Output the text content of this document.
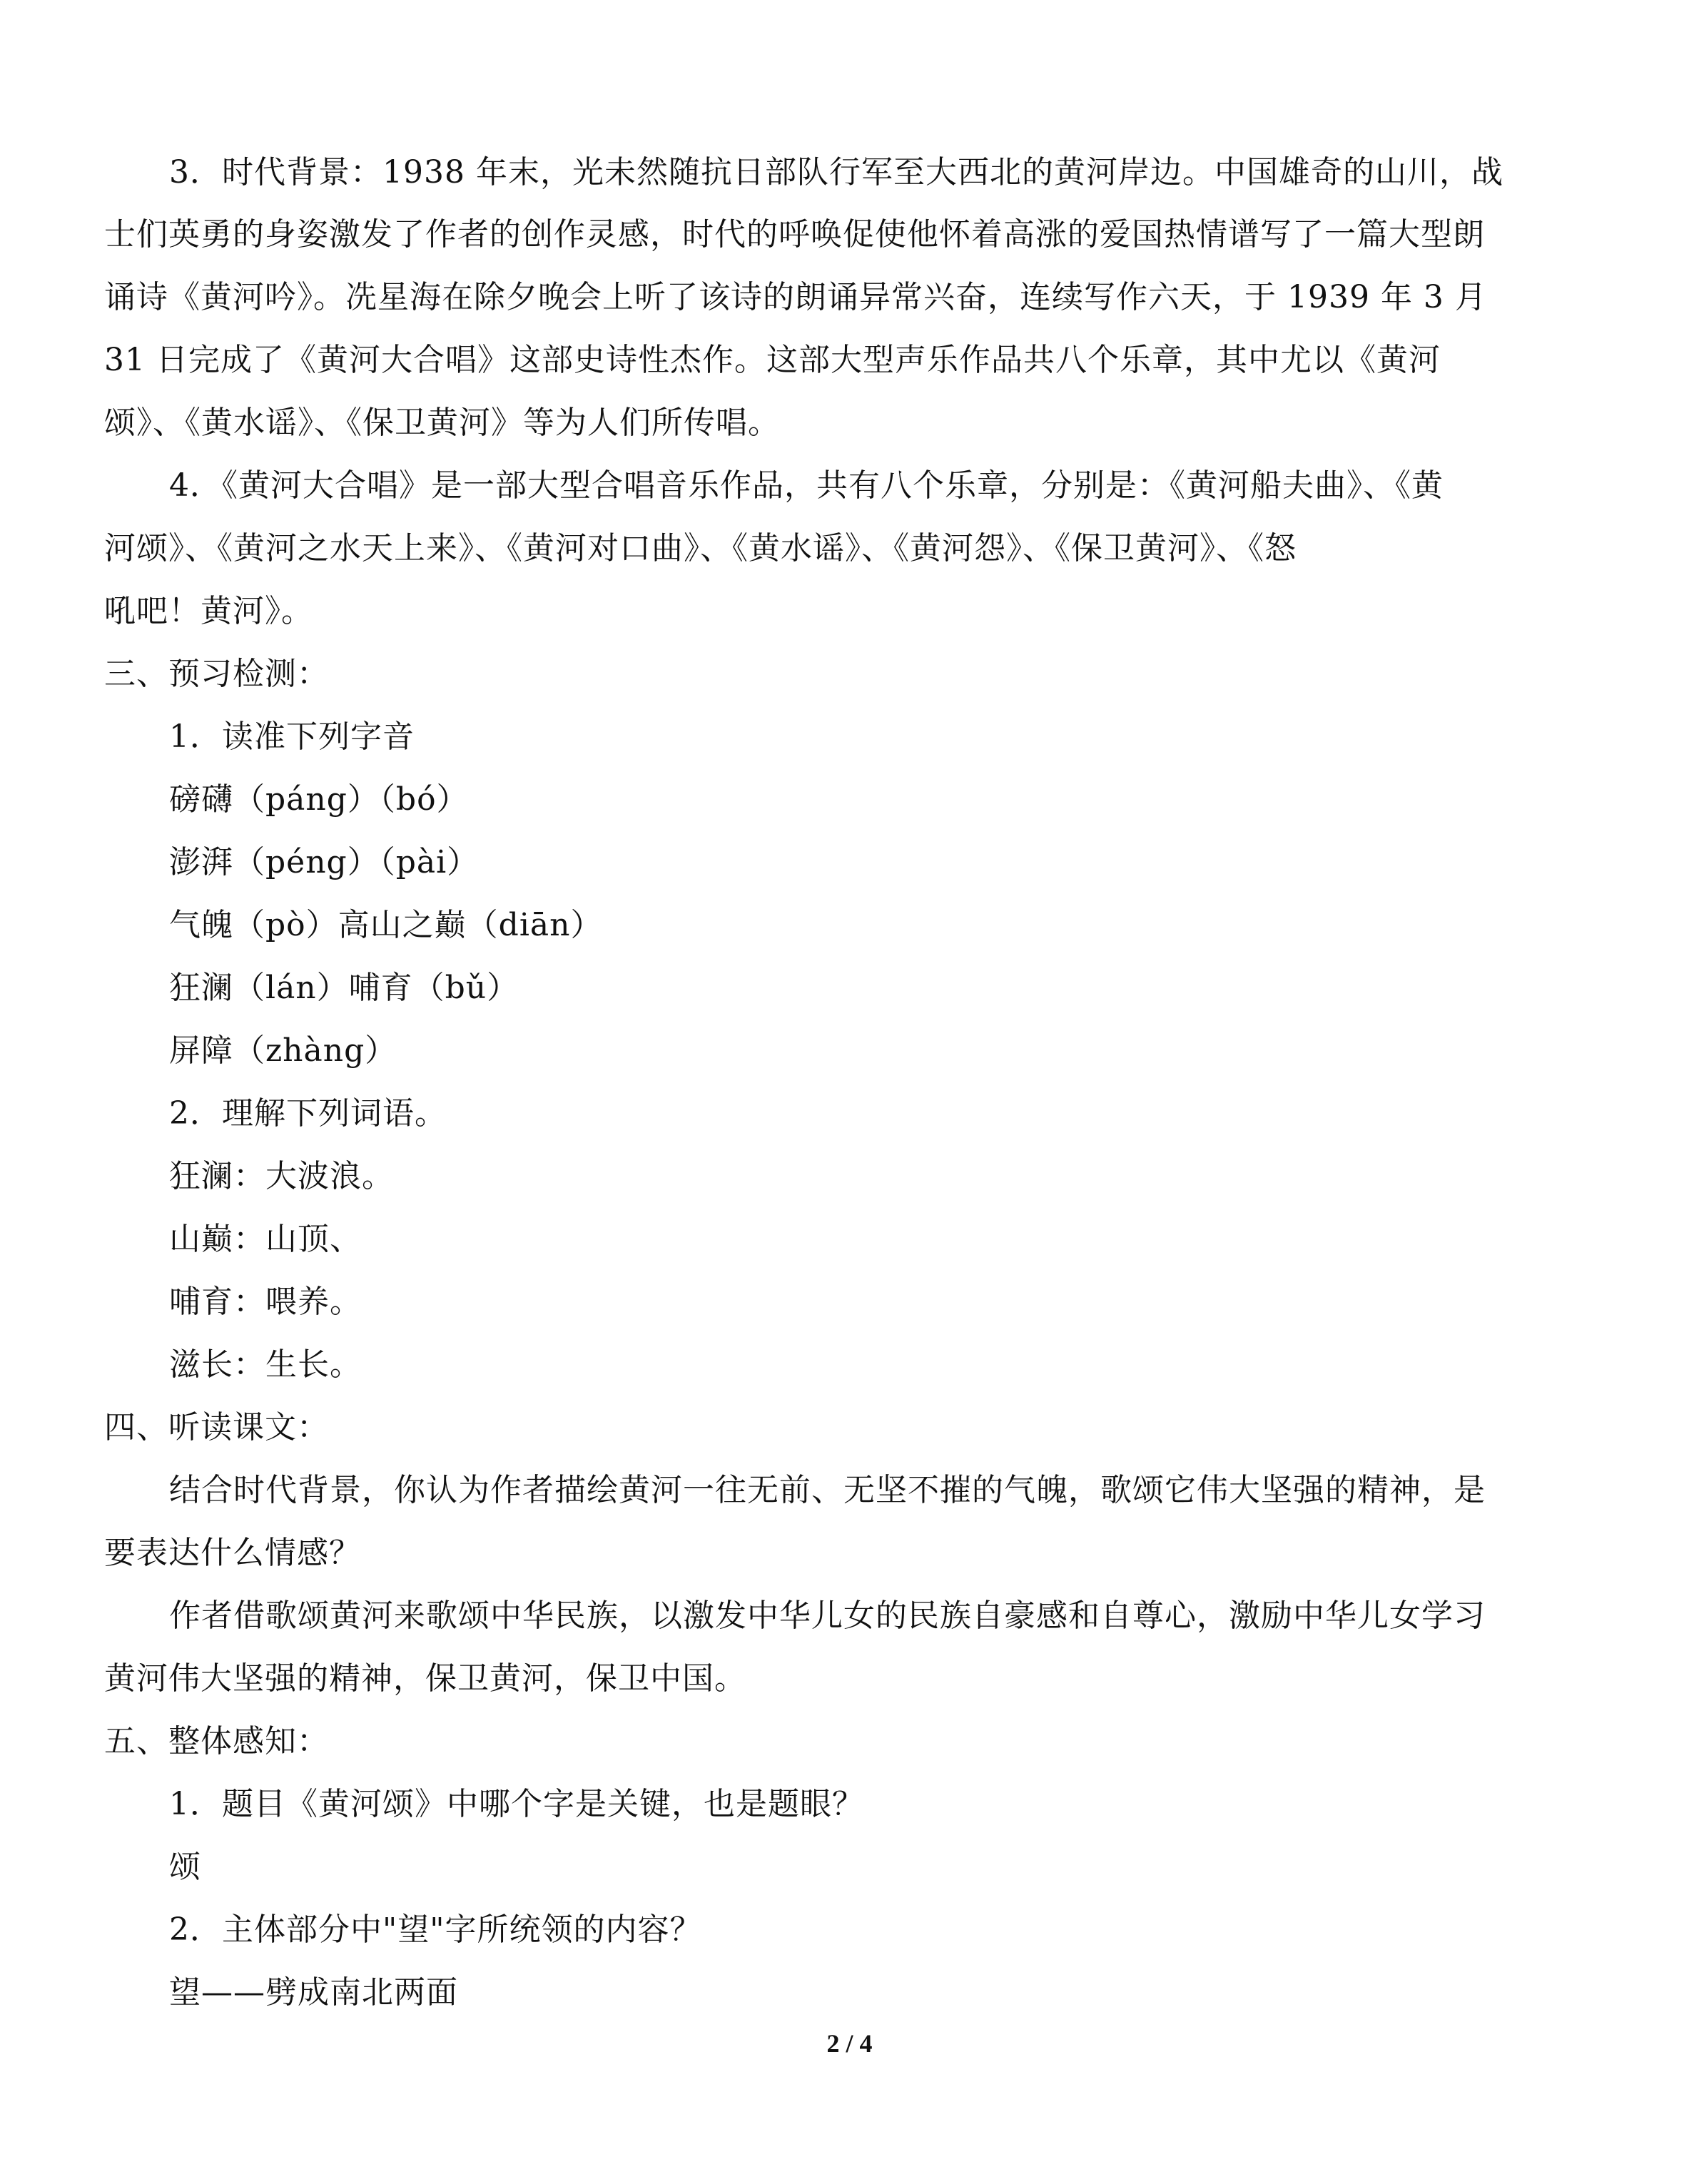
3．时代背景：1938 年末，光未然随抗日部队行军至大西北的黄河岸边。中国雄奇的山川，战
士们英勇的身姿激发了作者的创作灵感，时代的呼唤促使他怀着高涨的爱国热情谱写了一篇大型朗
诵诗《黄河吟》。冼星海在除夕晚会上听了该诗的朗诵异常兴奋，连续写作六天，于 1939 年 3 月
31 日完成了《黄河大合唱》这部史诗性杰作。这部大型声乐作品共八个乐章，其中尤以《黄河
颂》、《黄水谣》、《保卫黄河》等为人们所传唱。
4．《黄河大合唱》是一部大型合唱音乐作品，共有八个乐章，分别是：《黄河船夫曲》、《黄
河颂》、《黄河之水天上来》、《黄河对口曲》、《黄水谣》、《黄河怨》、《保卫黄河》、《怒
吼吧！黄河》。
三、预习检测：
1．读准下列字音
磅礴（páng）（bó）
澎湃（péng）（pài）
气魄（pò）高山之巅（diān）
狂澜（lán）哺育（bǔ）
屏障（zhàng）
2．理解下列词语。
狂澜：大波浪。
山巅：山顶、
哺育：喂养。
滋长：生长。
四、听读课文：
结合时代背景，你认为作者描绘黄河一往无前、无坚不摧的气魄，歌颂它伟大坚强的精神，是
要表达什么情感？
作者借歌颂黄河来歌颂中华民族，以激发中华儿女的民族自豪感和自尊心，激励中华儿女学习
黄河伟大坚强的精神，保卫黄河，保卫中国。
五、整体感知：
1．题目《黄河颂》中哪个字是关键，也是题眼？
颂
2．主体部分中"望"字所统领的内容？
望——劈成南北两面
2 / 4
